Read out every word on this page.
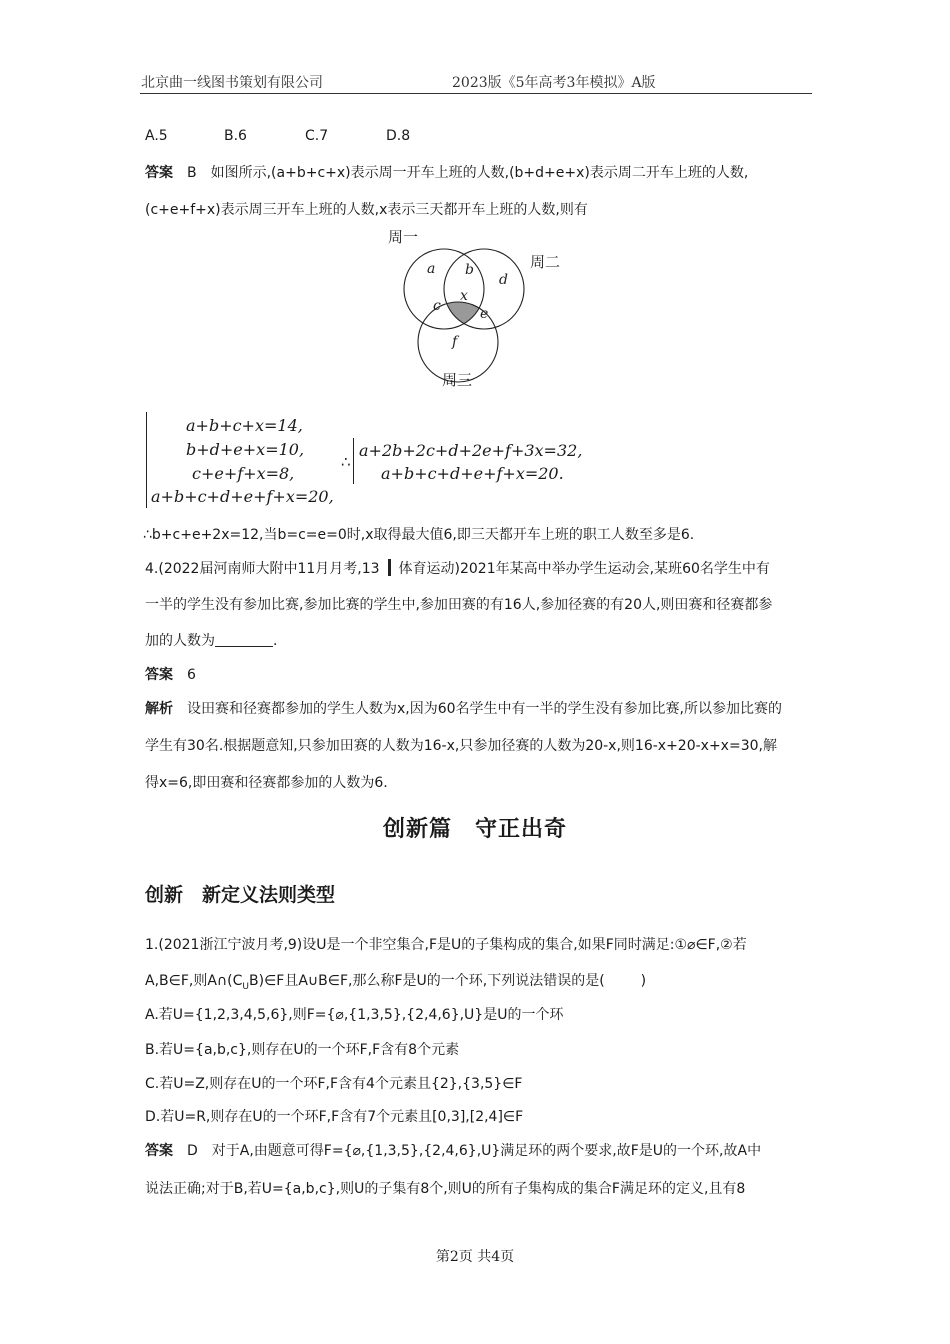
北京曲一线图书策划有限公司	2023版《5年高考3年模拟》A版
A.5	B.6	C.7	D.8
答案 B　如图所示,(a+b+c+x)表示周一开车上班的人数,(b+d+e+x)表示周二开车上班的人数,
(c+e+f+x)表示周三开车上班的人数,x表示三天都开车上班的人数,则有
周一
周二
周三
a b
d
c
x
e
f
a+b+c+x=14,
b+d+e+x=10,
c+e+f+x=8,
a+b+c+d+e+f+x=20,
∴
a+2b+2c+d+2e+f+3x=32,
a+b+c+d+e+f+x=20.
∴b+c+e+2x=12,当b=c=e=0时,x取得最大值6,即三天都开车上班的职工人数至多是6.
4.(2022届河南师大附中11月月考,13 体育运动)2021年某高中举办学生运动会,某班60名学生中有
一半的学生没有参加比赛,参加比赛的学生中,参加田赛的有16人,参加径赛的有20人,则田赛和径赛都参
加的人数为	.
答案 6
解析 设田赛和径赛都参加的学生人数为x,因为60名学生中有一半的学生没有参加比赛,所以参加比赛的
学生有30名.根据题意知,只参加田赛的人数为16-x,只参加径赛的人数为20-x,则16-x+20-x+x=30,解
得x=6,即田赛和径赛都参加的人数为6.
创新篇　守正出奇
创新　新定义法则类型
1.(2021浙江宁波月考,9)设U是一个非空集合,F是U的子集构成的集合,如果F同时满足:①⌀∈F,②若
A,B∈F,则$A\cap(C_UB)\in F$且A∪B∈F,那么称F是U的一个环,下列说法错误的是(	)
A.若U={1,2,3,4,5,6},则F={⌀,{1,3,5},{2,4,6},U}是U的一个环
B.若U={a,b,c},则存在U的一个环F,F含有8个元素
C.若U=Z,则存在U的一个环F,F含有4个元素且{2},{3,5}∈F
D.若U=R,则存在U的一个环F,F含有7个元素且[0,3],[2,4]∈F
答案 D　对于A,由题意可得F={⌀,{1,3,5},{2,4,6},U}满足环的两个要求,故F是U的一个环,故A中
说法正确;对于B,若U={a,b,c},则U的子集有8个,则U的所有子集构成的集合F满足环的定义,且有8
第2页 共4页
